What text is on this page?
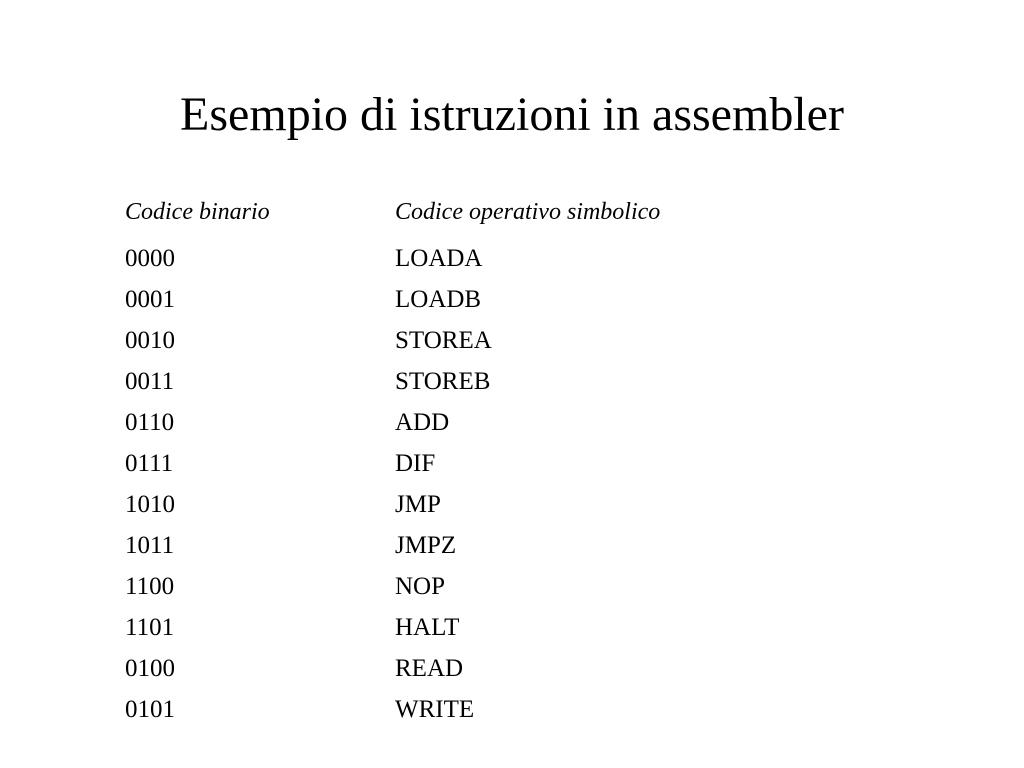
Esempio di istruzioni in assembler
Codice binario	Codice operativo simbolico
0000	LOADA
0001	LOADB
0010	STOREA
0011	STOREB
0110	ADD
0111	DIF
1010	JMP
1011	JMPZ
1100	NOP
1101	HALT
0100	READ
0101	WRITE
